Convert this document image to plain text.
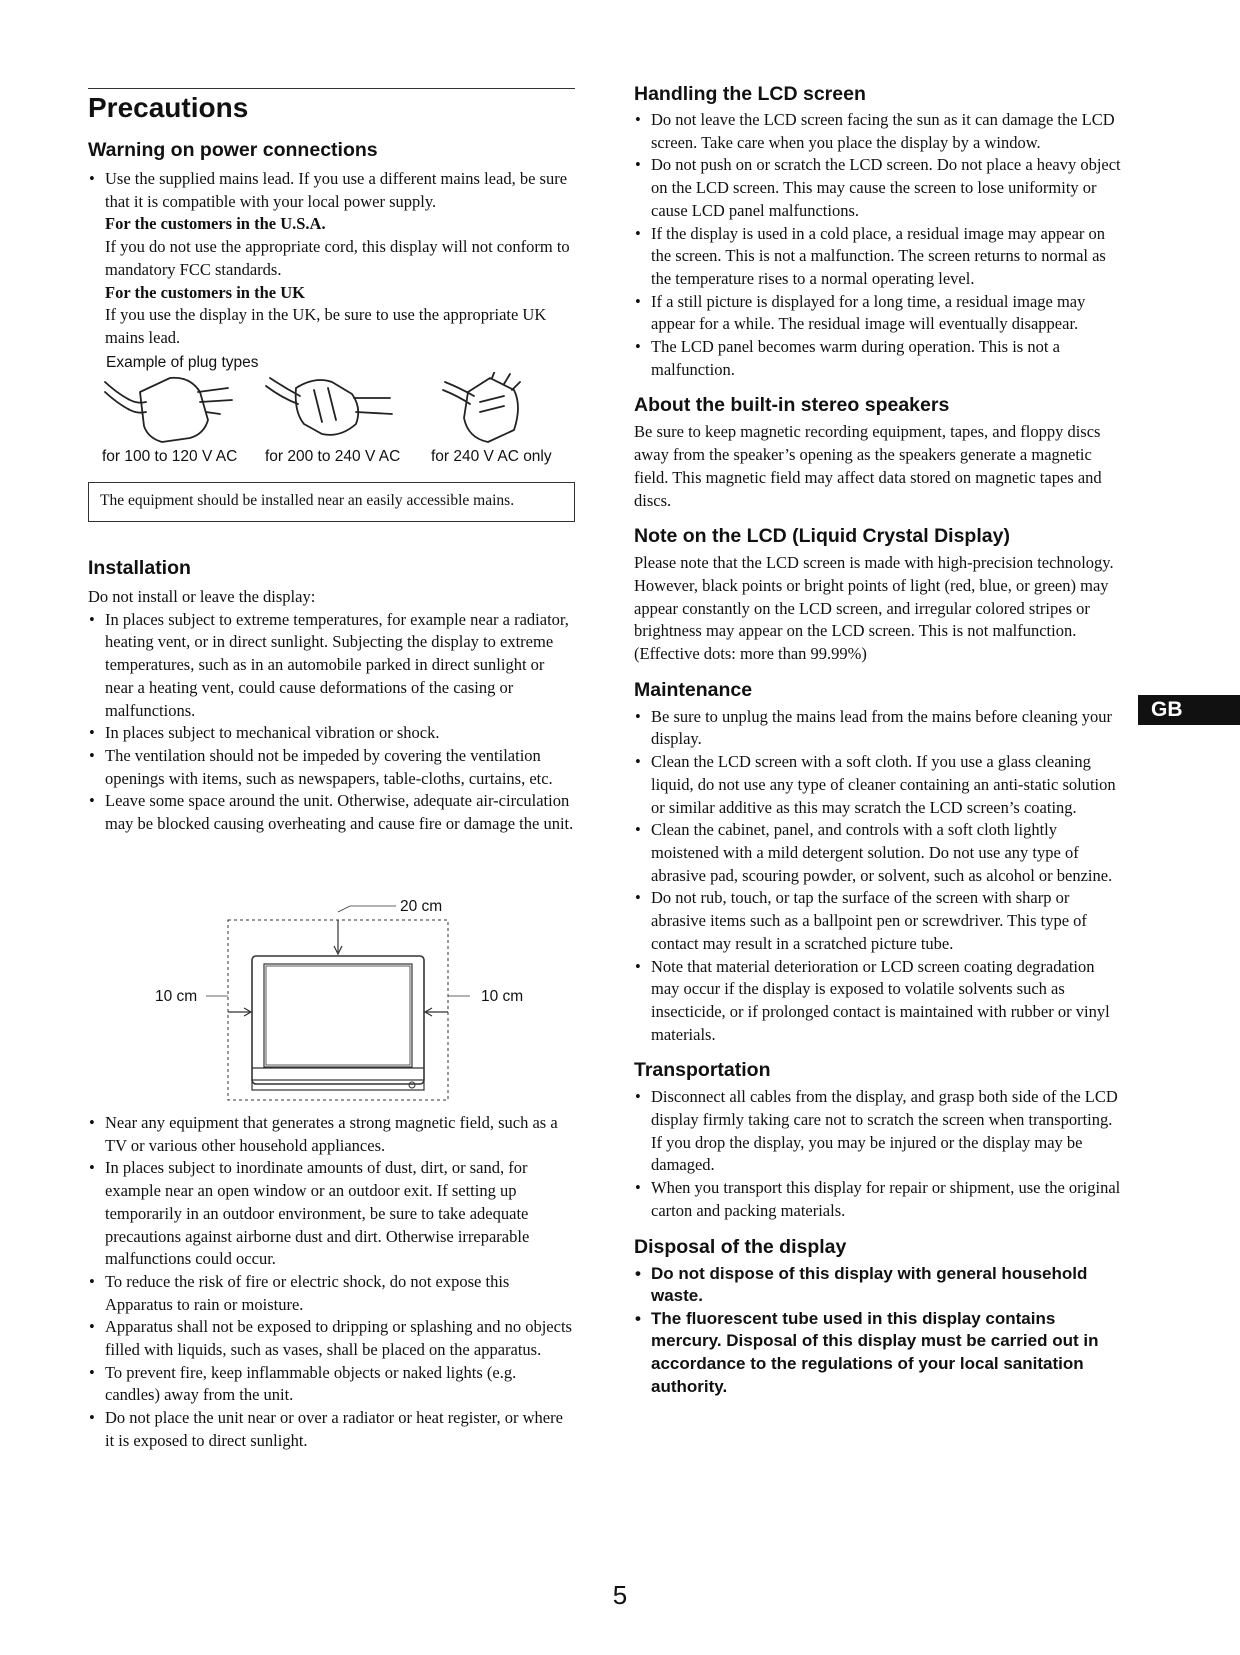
Precautions
Warning on power connections
• Use the supplied mains lead. If you use a different mains lead, be sure that it is compatible with your local power supply.
For the customers in the U.S.A.
If you do not use the appropriate cord, this display will not conform to mandatory FCC standards.
For the customers in the UK
If you use the display in the UK, be sure to use the appropriate UK mains lead.
Example of plug types
for 100 to 120 V AC for 200 to 240 V AC for 240 V AC only
The equipment should be installed near an easily accessible mains.
Installation

Do not install or leave the display:

• In places subject to extreme temperatures, for example near a radiator, heating vent, or in direct sunlight. Subjecting the display to extreme temperatures, such as in an automobile parked in direct sunlight or near a heating vent, could cause deformations of the casing or malfunctions.
• In places subject to mechanical vibration or shock.
• The ventilation should not be impeded by covering the ventilation openings with items, such as newspapers, table-cloths, curtains, etc.
• Leave some space around the unit. Otherwise, adequate air-circulation may be blocked causing overheating and cause fire or damage the unit.
20 cm
10 cm	10 cm
• Near any equipment that generates a strong magnetic field, such as a TV or various other household appliances.
• In places subject to inordinate amounts of dust, dirt, or sand, for example near an open window or an outdoor exit. If setting up temporarily in an outdoor environment, be sure to take adequate precautions against airborne dust and dirt. Otherwise irreparable malfunctions could occur.
• To reduce the risk of fire or electric shock, do not expose this Apparatus to rain or moisture.
• Apparatus shall not be exposed to dripping or splashing and no objects filled with liquids, such as vases, shall be placed on the apparatus.
• To prevent fire, keep inflammable objects or naked lights (e.g. candles) away from the unit.
• Do not place the unit near or over a radiator or heat register, or where it is exposed to direct sunlight.
Handling the LCD screen
• Do not leave the LCD screen facing the sun as it can damage the LCD screen. Take care when you place the display by a window.
• Do not push on or scratch the LCD screen. Do not place a heavy object on the LCD screen. This may cause the screen to lose uniformity or cause LCD panel malfunctions.
• If the display is used in a cold place, a residual image may appear on the screen. This is not a malfunction. The screen returns to normal as the temperature rises to a normal operating level.
• If a still picture is displayed for a long time, a residual image may appear for a while. The residual image will eventually disappear.
• The LCD panel becomes warm during operation. This is not a malfunction.
About the built-in stereo speakers

Be sure to keep magnetic recording equipment, tapes, and floppy discs away from the speaker’s opening as the speakers generate a magnetic field. This magnetic field may affect data stored on magnetic tapes and discs.

Note on the LCD (Liquid Crystal Display)

Please note that the LCD screen is made with high-precision technology. However, black points or bright points of light (red, blue, or green) may appear constantly on the LCD screen, and irregular colored stripes or brightness may appear on the LCD screen. This is not malfunction.

(Effective dots: more than 99.99%)

Maintenance
• Be sure to unplug the mains lead from the mains before cleaning your display.
• Clean the LCD screen with a soft cloth. If you use a glass cleaning liquid, do not use any type of cleaner containing an anti-static solution or similar additive as this may scratch the LCD screen’s coating.
• Clean the cabinet, panel, and controls with a soft cloth lightly moistened with a mild detergent solution. Do not use any type of abrasive pad, scouring powder, or solvent, such as alcohol or benzine.
• Do not rub, touch, or tap the surface of the screen with sharp or abrasive items such as a ballpoint pen or screwdriver. This type of contact may result in a scratched picture tube.
• Note that material deterioration or LCD screen coating degradation may occur if the display is exposed to volatile solvents such as insecticide, or if prolonged contact is maintained with rubber or vinyl materials.
Transportation
• Disconnect all cables from the display, and grasp both side of the LCD display firmly taking care not to scratch the screen when transporting. If you drop the display, you may be injured or the display may be damaged.
• When you transport this display for repair or shipment, use the original carton and packing materials.
Disposal of the display
• Do not dispose of this display with general household waste.
• The fluorescent tube used in this display contains mercury. Disposal of this display must be carried out in accordance to the regulations of your local sanitation authority.
GB
5
